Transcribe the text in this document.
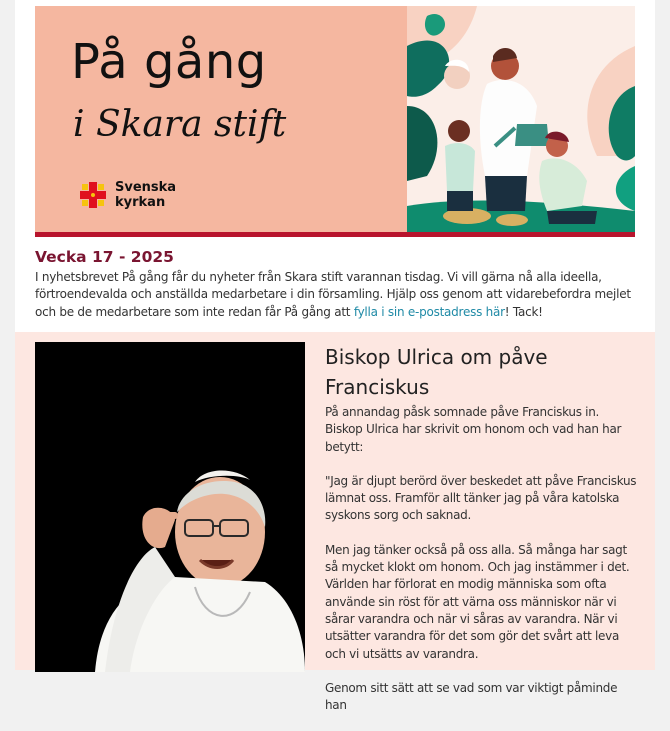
På gång
i Skara stift
Svenska
kyrkan
Vecka 17 - 2025
I nyhetsbrevet På gång får du nyheter från Skara stift varannan tisdag. Vi vill gärna nå alla ideella, förtroendevalda och anställda medarbetare i din församling. Hjälp oss genom att vidarebefordra mejlet och be de medarbetare som inte redan får På gång att fylla i sin e-postadress här! Tack!
Biskop Ulrica om påve Franciskus

På annandag påsk somnade påve Franciskus in. Biskop Ulrica har skrivit om honom och vad han har betytt:

"Jag är djupt berörd över beskedet att påve Franciskus lämnat oss. Framför allt tänker jag på våra katolska syskons sorg och saknad.

Men jag tänker också på oss alla. Så många har sagt så mycket klokt om honom. Och jag instämmer i det. Världen har förlorat en modig människa som ofta använde sin röst för att värna oss människor när vi sårar varandra och när vi såras av varandra. När vi utsätter varandra för det som gör det svårt att leva och vi utsätts av varandra.

Genom sitt sätt att se vad som var viktigt påminde han
